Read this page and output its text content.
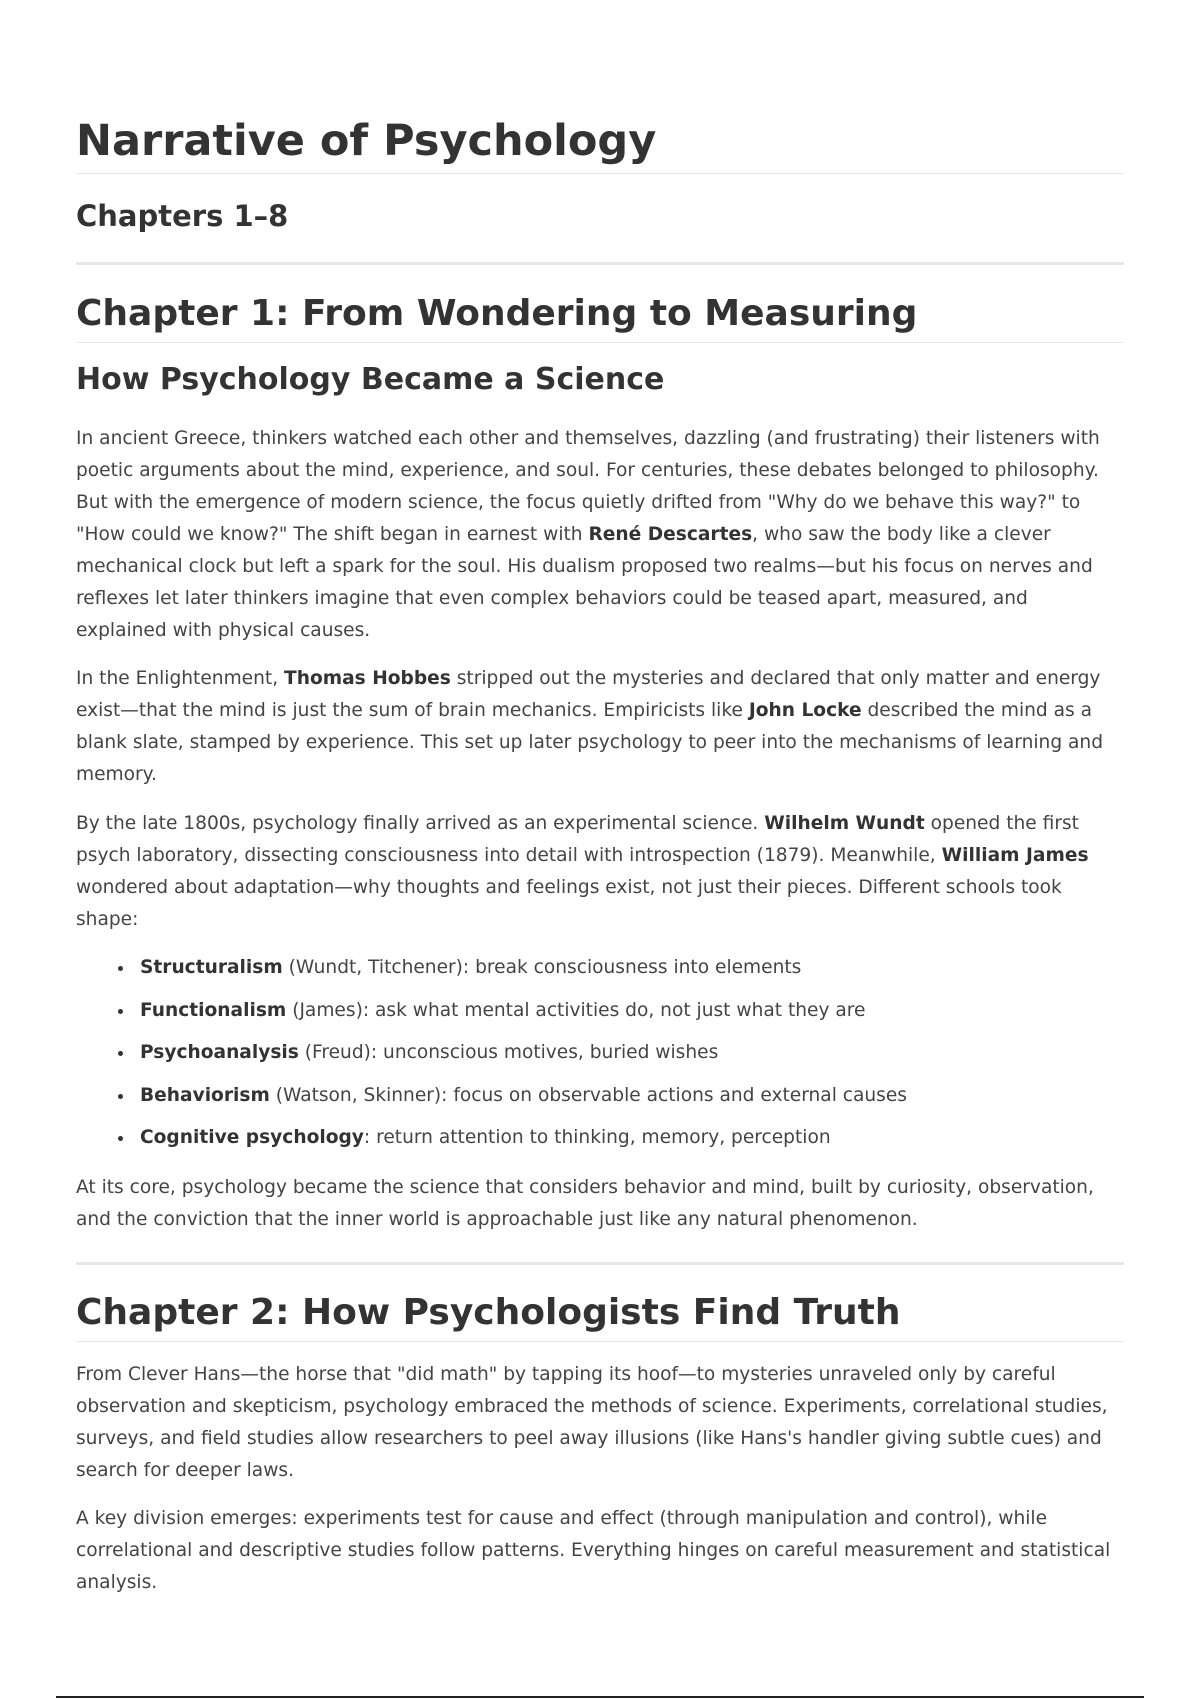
Narrative of Psychology
Chapters 1–8
Chapter 1: From Wondering to Measuring
How Psychology Became a Science

In ancient Greece, thinkers watched each other and themselves, dazzling (and frustrating) their listeners with poetic arguments about the mind, experience, and soul. For centuries, these debates belonged to philosophy. But with the emergence of modern science, the focus quietly drifted from "Why do we behave this way?" to "How could we know?" The shift began in earnest with René Descartes, who saw the body like a clever mechanical clock but left a spark for the soul. His dualism proposed two realms—but his focus on nerves and reflexes let later thinkers imagine that even complex behaviors could be teased apart, measured, and explained with physical causes.

In the Enlightenment, Thomas Hobbes stripped out the mysteries and declared that only matter and energy exist—that the mind is just the sum of brain mechanics. Empiricists like John Locke described the mind as a blank slate, stamped by experience. This set up later psychology to peer into the mechanisms of learning and memory.

By the late 1800s, psychology finally arrived as an experimental science. Wilhelm Wundt opened the first psych laboratory, dissecting consciousness into detail with introspection (1879). Meanwhile, William James wondered about adaptation—why thoughts and feelings exist, not just their pieces. Different schools took shape:

Structuralism (Wundt, Titchener): break consciousness into elements
Functionalism (James): ask what mental activities do, not just what they are
Psychoanalysis (Freud): unconscious motives, buried wishes
Behaviorism (Watson, Skinner): focus on observable actions and external causes
Cognitive psychology: return attention to thinking, memory, perception

At its core, psychology became the science that considers behavior and mind, built by curiosity, observation, and the conviction that the inner world is approachable just like any natural phenomenon.

Chapter 2: How Psychologists Find Truth

From Clever Hans—the horse that "did math" by tapping its hoof—to mysteries unraveled only by careful observation and skepticism, psychology embraced the methods of science. Experiments, correlational studies, surveys, and field studies allow researchers to peel away illusions (like Hans's handler giving subtle cues) and search for deeper laws.

A key division emerges: experiments test for cause and effect (through manipulation and control), while correlational and descriptive studies follow patterns. Everything hinges on careful measurement and statistical analysis.
